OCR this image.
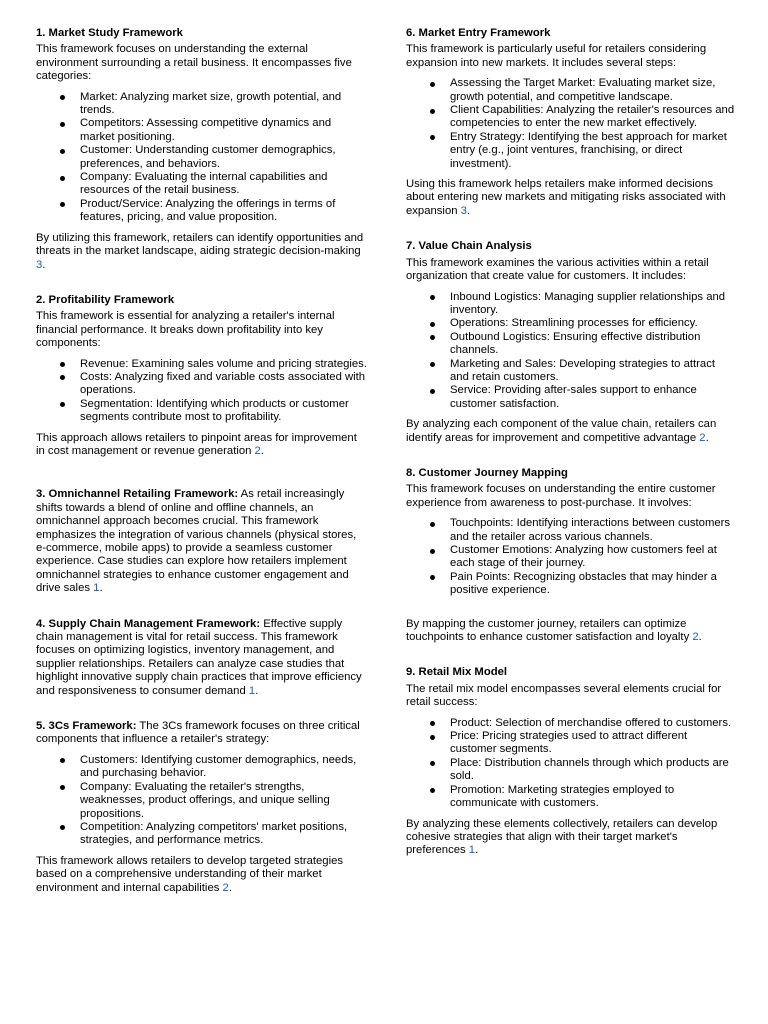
1. Market Study Framework

This framework focuses on understanding the external environment surrounding a retail business. It encompasses five categories:

Market: Analyzing market size, growth potential, and trends.
Competitors: Assessing competitive dynamics and market positioning.
Customer: Understanding customer demographics, preferences, and behaviors.
Company: Evaluating the internal capabilities and resources of the retail business.
Product/Service: Analyzing the offerings in terms of features, pricing, and value proposition.

By utilizing this framework, retailers can identify opportunities and threats in the market landscape, aiding strategic decision-making 3.

2. Profitability Framework

This framework is essential for analyzing a retailer's internal financial performance. It breaks down profitability into key components:

Revenue: Examining sales volume and pricing strategies.
Costs: Analyzing fixed and variable costs associated with operations.
Segmentation: Identifying which products or customer segments contribute most to profitability.

This approach allows retailers to pinpoint areas for improvement in cost management or revenue generation 2.

3. Omnichannel Retailing Framework: As retail increasingly shifts towards a blend of online and offline channels, an omnichannel approach becomes crucial. This framework emphasizes the integration of various channels (physical stores, e-commerce, mobile apps) to provide a seamless customer experience. Case studies can explore how retailers implement omnichannel strategies to enhance customer engagement and drive sales 1.

4. Supply Chain Management Framework: Effective supply chain management is vital for retail success. This framework focuses on optimizing logistics, inventory management, and supplier relationships. Retailers can analyze case studies that highlight innovative supply chain practices that improve efficiency and responsiveness to consumer demand 1.

5. 3Cs Framework: The 3Cs framework focuses on three critical components that influence a retailer's strategy:

Customers: Identifying customer demographics, needs, and purchasing behavior.
Company: Evaluating the retailer's strengths, weaknesses, product offerings, and unique selling propositions.
Competition: Analyzing competitors' market positions, strategies, and performance metrics.

This framework allows retailers to develop targeted strategies based on a comprehensive understanding of their market environment and internal capabilities 2.

6. Market Entry Framework

This framework is particularly useful for retailers considering expansion into new markets. It includes several steps:

Assessing the Target Market: Evaluating market size, growth potential, and competitive landscape.
Client Capabilities: Analyzing the retailer's resources and competencies to enter the new market effectively.
Entry Strategy: Identifying the best approach for market entry (e.g., joint ventures, franchising, or direct investment).

Using this framework helps retailers make informed decisions about entering new markets and mitigating risks associated with expansion 3.

7. Value Chain Analysis

This framework examines the various activities within a retail organization that create value for customers. It includes:

Inbound Logistics: Managing supplier relationships and inventory.
Operations: Streamlining processes for efficiency.
Outbound Logistics: Ensuring effective distribution channels.
Marketing and Sales: Developing strategies to attract and retain customers.
Service: Providing after-sales support to enhance customer satisfaction.

By analyzing each component of the value chain, retailers can identify areas for improvement and competitive advantage 2.

8. Customer Journey Mapping

This framework focuses on understanding the entire customer experience from awareness to post-purchase. It involves:

Touchpoints: Identifying interactions between customers and the retailer across various channels.
Customer Emotions: Analyzing how customers feel at each stage of their journey.
Pain Points: Recognizing obstacles that may hinder a positive experience.

By mapping the customer journey, retailers can optimize touchpoints to enhance customer satisfaction and loyalty 2.

9. Retail Mix Model

The retail mix model encompasses several elements crucial for retail success:

Product: Selection of merchandise offered to customers.
Price: Pricing strategies used to attract different customer segments.
Place: Distribution channels through which products are sold.
Promotion: Marketing strategies employed to communicate with customers.

By analyzing these elements collectively, retailers can develop cohesive strategies that align with their target market's preferences 1.
